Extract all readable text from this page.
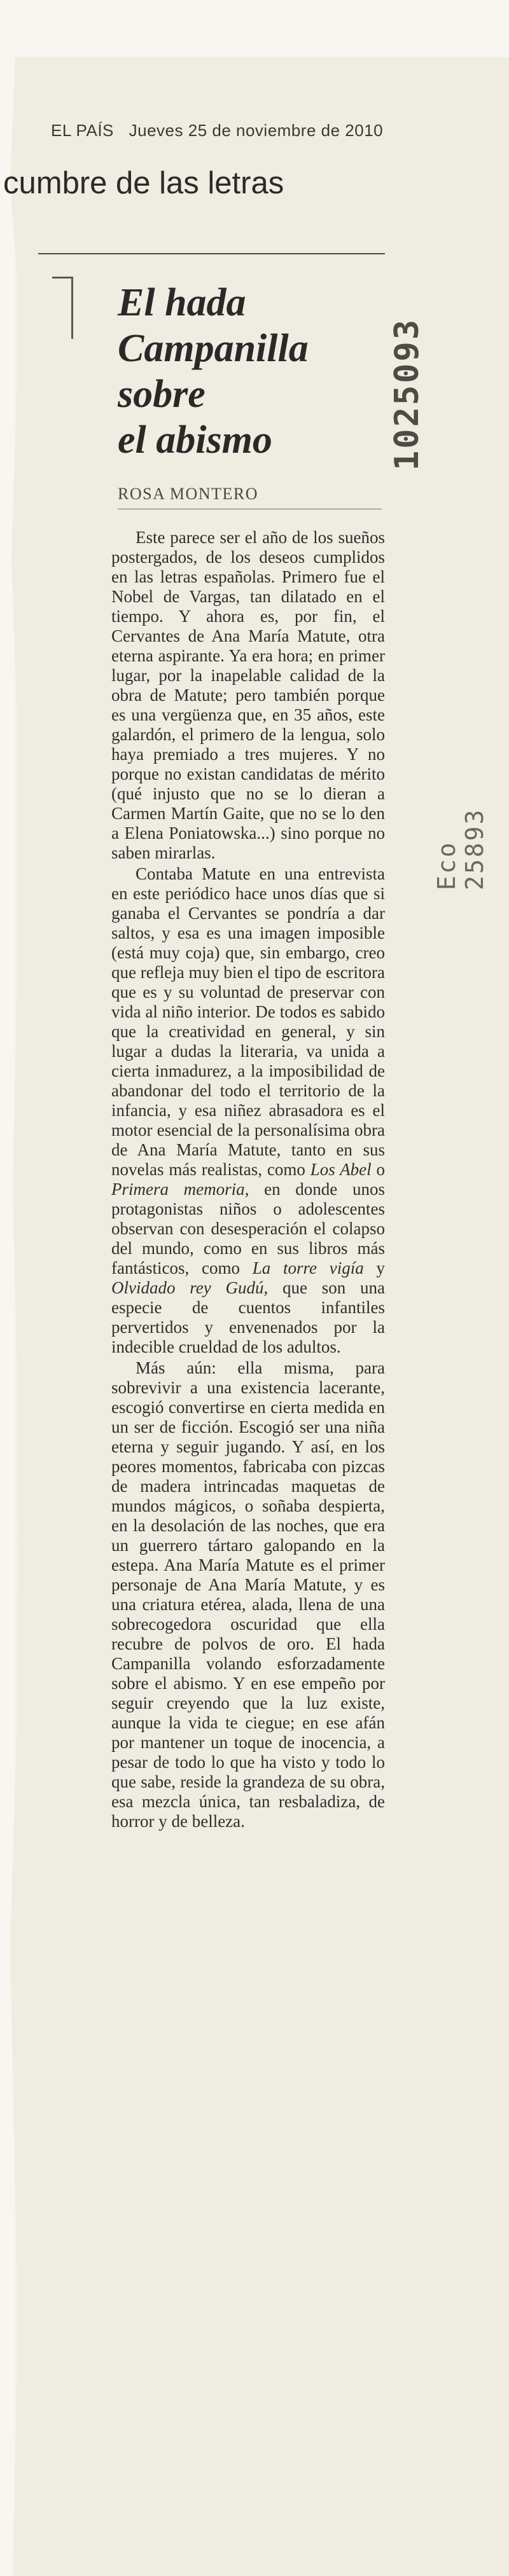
EL PAÍS Jueves 25 de noviembre de 2010
cumbre de las letras
El hada
Campanilla
sobre
el abismo
ROSA MONTERO
1025093
Eco 25893

Este parece ser el año de los sueños postergados, de los deseos cumplidos en las letras españolas. Primero fue el Nobel de Vargas, tan dilatado en el tiempo. Y ahora es, por fin, el Cervantes de Ana María Matute, otra eterna aspirante. Ya era hora; en primer lugar, por la inapelable calidad de la obra de Matute; pero también porque es una vergüenza que, en 35 años, este galardón, el primero de la lengua, solo haya premiado a tres mujeres. Y no porque no existan candidatas de mérito (qué injusto que no se lo dieran a Carmen Martín Gaite, que no se lo den a Elena Poniatowska...) sino porque no saben mirarlas.

Contaba Matute en una entrevista en este periódico hace unos días que si ganaba el Cervantes se pondría a dar saltos, y esa es una imagen imposible (está muy coja) que, sin embargo, creo que refleja muy bien el tipo de escritora que es y su voluntad de preservar con vida al niño interior. De todos es sabido que la creatividad en general, y sin lugar a dudas la literaria, va unida a cierta inmadurez, a la imposibilidad de abandonar del todo el territorio de la infancia, y esa niñez abrasadora es el motor esencial de la personalísima obra de Ana María Matute, tanto en sus novelas más realistas, como Los Abel o Primera memoria, en donde unos protagonistas niños o adolescentes observan con desesperación el colapso del mundo, como en sus libros más fantásticos, como La torre vigía y Olvidado rey Gudú, que son una especie de cuentos infantiles pervertidos y envenenados por la indecible crueldad de los adultos.

Más aún: ella misma, para sobrevivir a una existencia lacerante, escogió convertirse en cierta medida en un ser de ficción. Escogió ser una niña eterna y seguir jugando. Y así, en los peores momentos, fabricaba con pizcas de madera intrincadas maquetas de mundos mágicos, o soñaba despierta, en la desolación de las noches, que era un guerrero tártaro galopando en la estepa. Ana María Matute es el primer personaje de Ana María Matute, y es una criatura etérea, alada, llena de una sobrecogedora oscuridad que ella recubre de polvos de oro. El hada Campanilla volando esforzadamente sobre el abismo. Y en ese empeño por seguir creyendo que la luz existe, aunque la vida te ciegue; en ese afán por mantener un toque de inocencia, a pesar de todo lo que ha visto y todo lo que sabe, reside la grandeza de su obra, esa mezcla única, tan resbaladiza, de horror y de belleza.
